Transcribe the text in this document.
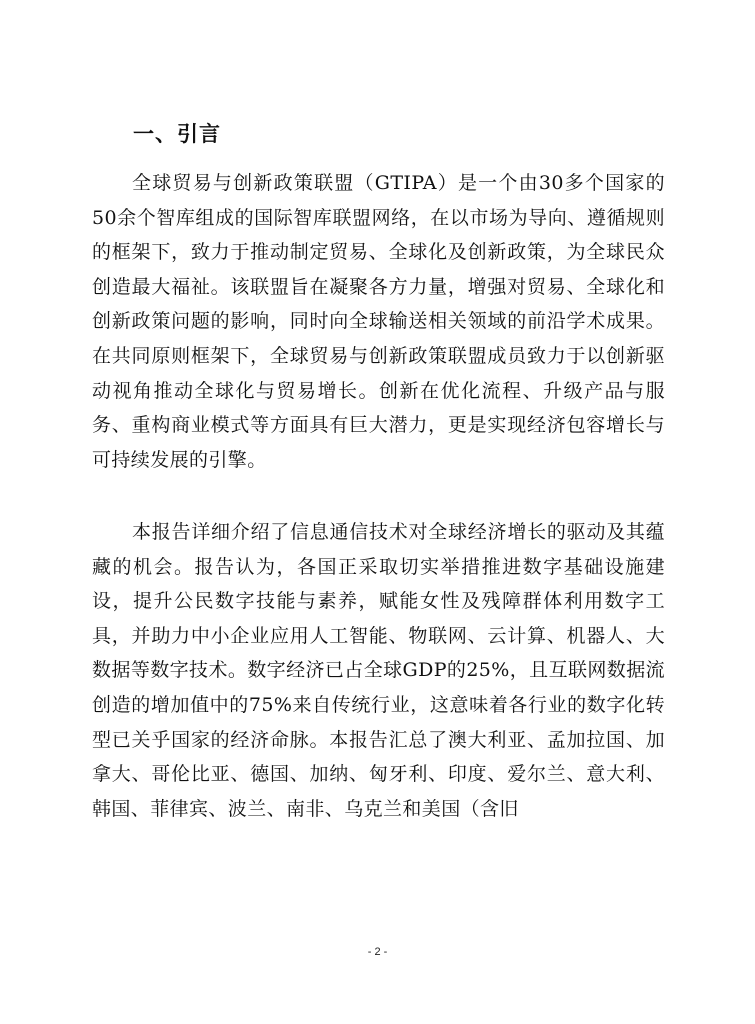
一、引言

全球贸易与创新政策联盟（GTIPA）是一个由30多个国家的50余个智库组成的国际智库联盟网络，在以市场为导向、遵循规则的框架下，致力于推动制定贸易、全球化及创新政策，为全球民众创造最大福祉。该联盟旨在凝聚各方力量，增强对贸易、全球化和创新政策问题的影响，同时向全球输送相关领域的前沿学术成果。在共同原则框架下，全球贸易与创新政策联盟成员致力于以创新驱动视角推动全球化与贸易增长。创新在优化流程、升级产品与服务、重构商业模式等方面具有巨大潜力，更是实现经济包容增长与可持续发展的引擎。

本报告详细介绍了信息通信技术对全球经济增长的驱动及其蕴藏的机会。报告认为，各国正采取切实举措推进数字基础设施建设，提升公民数字技能与素养，赋能女性及残障群体利用数字工具，并助力中小企业应用人工智能、物联网、云计算、机器人、大数据等数字技术。数字经济已占全球GDP的25%，且互联网数据流创造的增加值中的75%来自传统行业，这意味着各行业的数字化转型已关乎国家的经济命脉。本报告汇总了澳大利亚、孟加拉国、加拿大、哥伦比亚、德国、加纳、匈牙利、印度、爱尔兰、意大利、韩国、菲律宾、波兰、南非、乌克兰和美国（含旧

- 2 -
